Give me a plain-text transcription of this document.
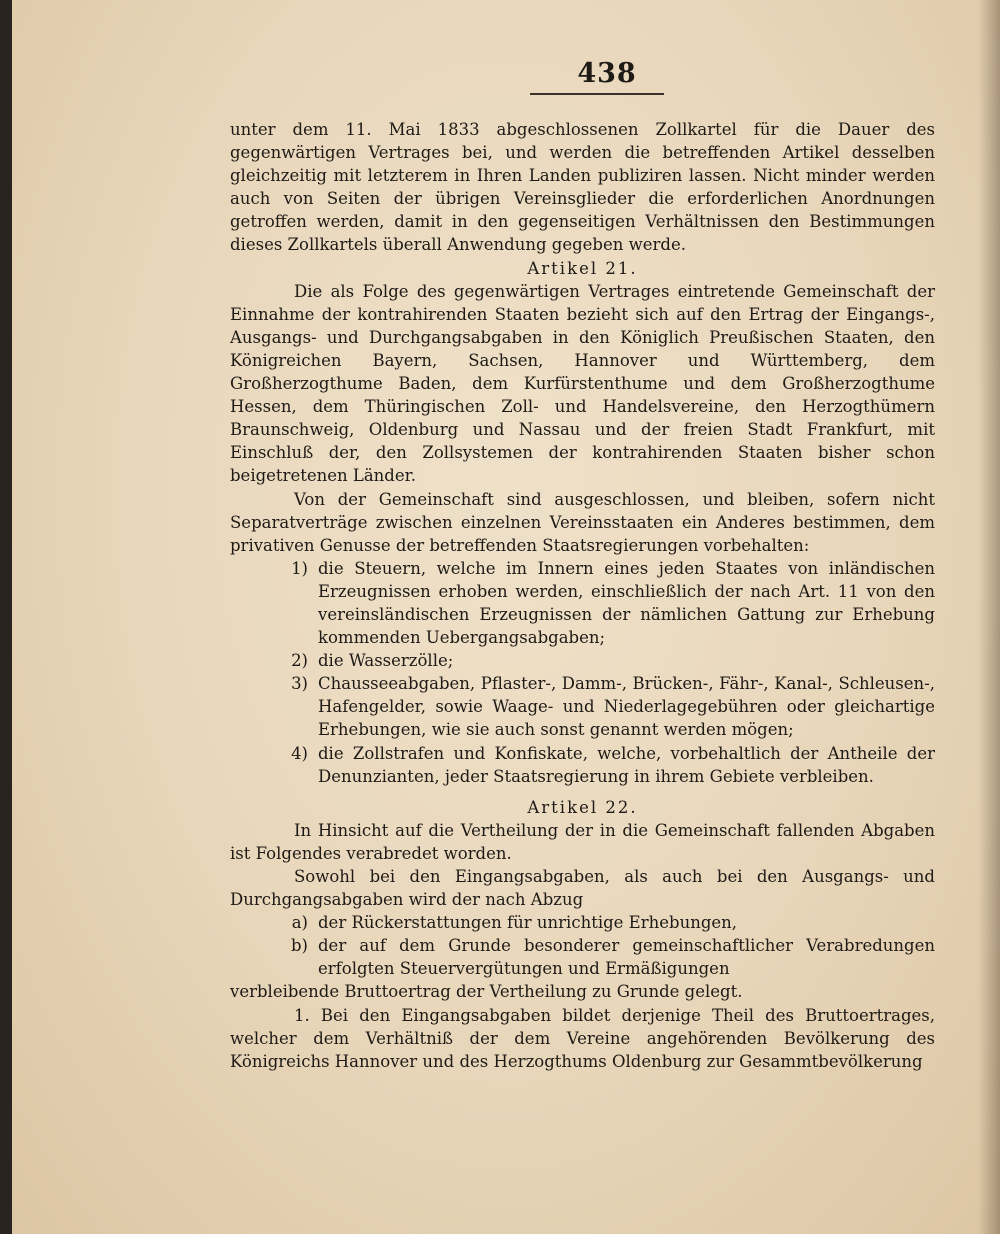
438

unter dem 11. Mai 1833 abgeschlossenen Zollkartel für die Dauer des gegenwärtigen Vertrages bei, und werden die betreffenden Artikel desselben gleichzeitig mit letzterem in Ihren Landen publiziren lassen. Nicht minder werden auch von Seiten der übrigen Vereinsglieder die erforderlichen Anordnungen getroffen werden, damit in den gegenseitigen Verhältnissen den Bestimmungen dieses Zollkartels überall Anwendung gegeben werde.

Artikel 21.

Die als Folge des gegenwärtigen Vertrages eintretende Gemeinschaft der Einnahme der kontrahirenden Staaten bezieht sich auf den Ertrag der Eingangs-, Ausgangs- und Durchgangsabgaben in den Königlich Preußischen Staaten, den Königreichen Bayern, Sachsen, Hannover und Württemberg, dem Großherzogthume Baden, dem Kurfürstenthume und dem Großherzogthume Hessen, dem Thüringischen Zoll- und Handelsvereine, den Herzogthümern Braunschweig, Oldenburg und Nassau und der freien Stadt Frankfurt, mit Einschluß der, den Zollsystemen der kontrahirenden Staaten bisher schon beigetretenen Länder.

Von der Gemeinschaft sind ausgeschlossen, und bleiben, sofern nicht Separatverträge zwischen einzelnen Vereinsstaaten ein Anderes bestimmen, dem privativen Genusse der betreffenden Staatsregierungen vorbehalten:

1) die Steuern, welche im Innern eines jeden Staates von inländischen Erzeugnissen erhoben werden, einschließlich der nach Art. 11 von den vereinsländischen Erzeugnissen der nämlichen Gattung zur Erhebung kommenden Uebergangsabgaben;
2) die Wasserzölle;
3) Chausseeabgaben, Pflaster-, Damm-, Brücken-, Fähr-, Kanal-, Schleusen-, Hafengelder, sowie Waage- und Niederlagegebühren oder gleichartige Erhebungen, wie sie auch sonst genannt werden mögen;
4) die Zollstrafen und Konfiskate, welche, vorbehaltlich der Antheile der Denunzianten, jeder Staatsregierung in ihrem Gebiete verbleiben.

Artikel 22.

In Hinsicht auf die Vertheilung der in die Gemeinschaft fallenden Abgaben ist Folgendes verabredet worden.

Sowohl bei den Eingangsabgaben, als auch bei den Ausgangs- und Durchgangsabgaben wird der nach Abzug

a) der Rückerstattungen für unrichtige Erhebungen,
b) der auf dem Grunde besonderer gemeinschaftlicher Verabredungen erfolgten Steuervergütungen und Ermäßigungen

verbleibende Bruttoertrag der Vertheilung zu Grunde gelegt.

1. Bei den Eingangsabgaben bildet derjenige Theil des Bruttoertrages, welcher dem Verhältniß der dem Vereine angehörenden Bevölkerung des Königreichs Hannover und des Herzogthums Oldenburg zur Gesammtbevölkerung
